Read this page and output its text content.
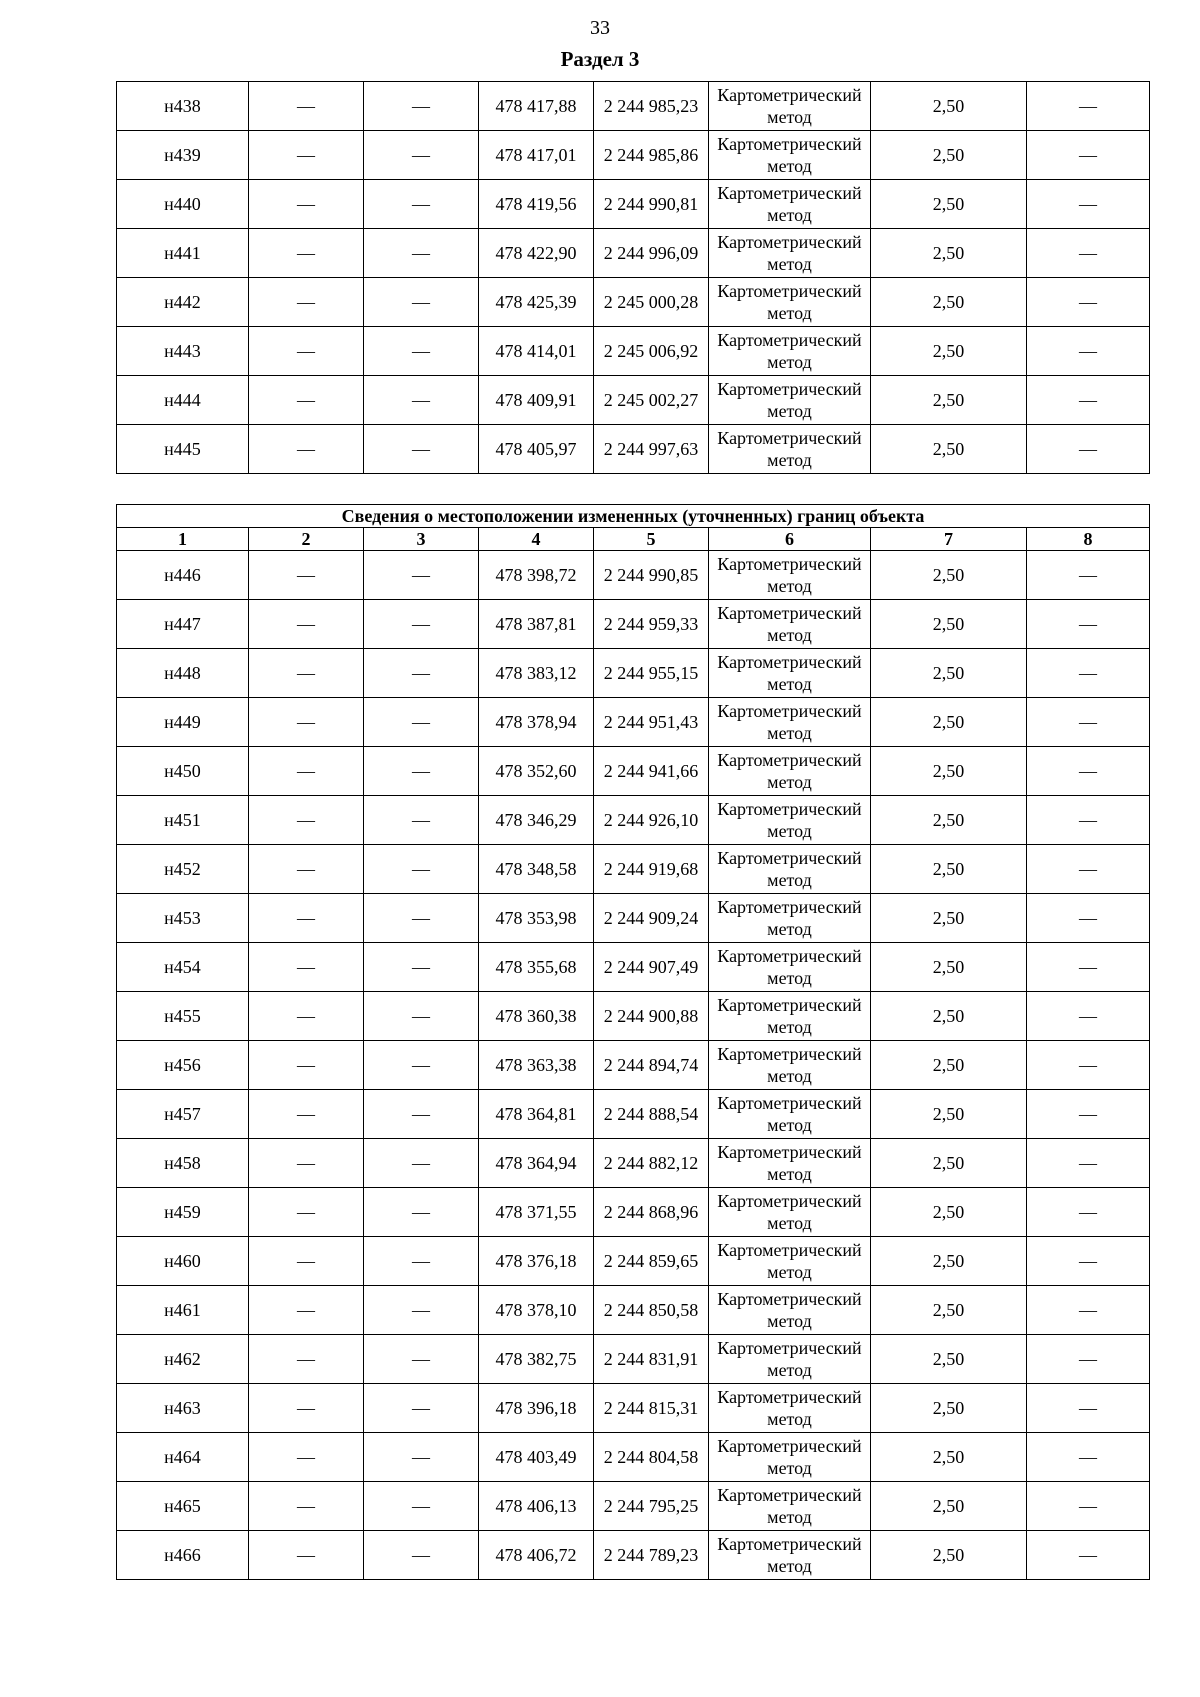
33
Раздел 3
н438	—	—	478 417,88	2 244 985,23	Картометрический метод	2,50	—
н439	—	—	478 417,01	2 244 985,86	Картометрический метод	2,50	—
н440	—	—	478 419,56	2 244 990,81	Картометрический метод	2,50	—
н441	—	—	478 422,90	2 244 996,09	Картометрический метод	2,50	—
н442	—	—	478 425,39	2 245 000,28	Картометрический метод	2,50	—
н443	—	—	478 414,01	2 245 006,92	Картометрический метод	2,50	—
н444	—	—	478 409,91	2 245 002,27	Картометрический метод	2,50	—
н445	—	—	478 405,97	2 244 997,63	Картометрический метод	2,50	—
Сведения о местоположении измененных (уточненных) границ объекта							
1	2	3	4	5	6	7	8
н446	—	—	478 398,72	2 244 990,85	Картометрический метод	2,50	—
н447	—	—	478 387,81	2 244 959,33	Картометрический метод	2,50	—
н448	—	—	478 383,12	2 244 955,15	Картометрический метод	2,50	—
н449	—	—	478 378,94	2 244 951,43	Картометрический метод	2,50	—
н450	—	—	478 352,60	2 244 941,66	Картометрический метод	2,50	—
н451	—	—	478 346,29	2 244 926,10	Картометрический метод	2,50	—
н452	—	—	478 348,58	2 244 919,68	Картометрический метод	2,50	—
н453	—	—	478 353,98	2 244 909,24	Картометрический метод	2,50	—
н454	—	—	478 355,68	2 244 907,49	Картометрический метод	2,50	—
н455	—	—	478 360,38	2 244 900,88	Картометрический метод	2,50	—
н456	—	—	478 363,38	2 244 894,74	Картометрический метод	2,50	—
н457	—	—	478 364,81	2 244 888,54	Картометрический метод	2,50	—
н458	—	—	478 364,94	2 244 882,12	Картометрический метод	2,50	—
н459	—	—	478 371,55	2 244 868,96	Картометрический метод	2,50	—
н460	—	—	478 376,18	2 244 859,65	Картометрический метод	2,50	—
н461	—	—	478 378,10	2 244 850,58	Картометрический метод	2,50	—
н462	—	—	478 382,75	2 244 831,91	Картометрический метод	2,50	—
н463	—	—	478 396,18	2 244 815,31	Картометрический метод	2,50	—
н464	—	—	478 403,49	2 244 804,58	Картометрический метод	2,50	—
н465	—	—	478 406,13	2 244 795,25	Картометрический метод	2,50	—
н466	—	—	478 406,72	2 244 789,23	Картометрический метод	2,50	—
